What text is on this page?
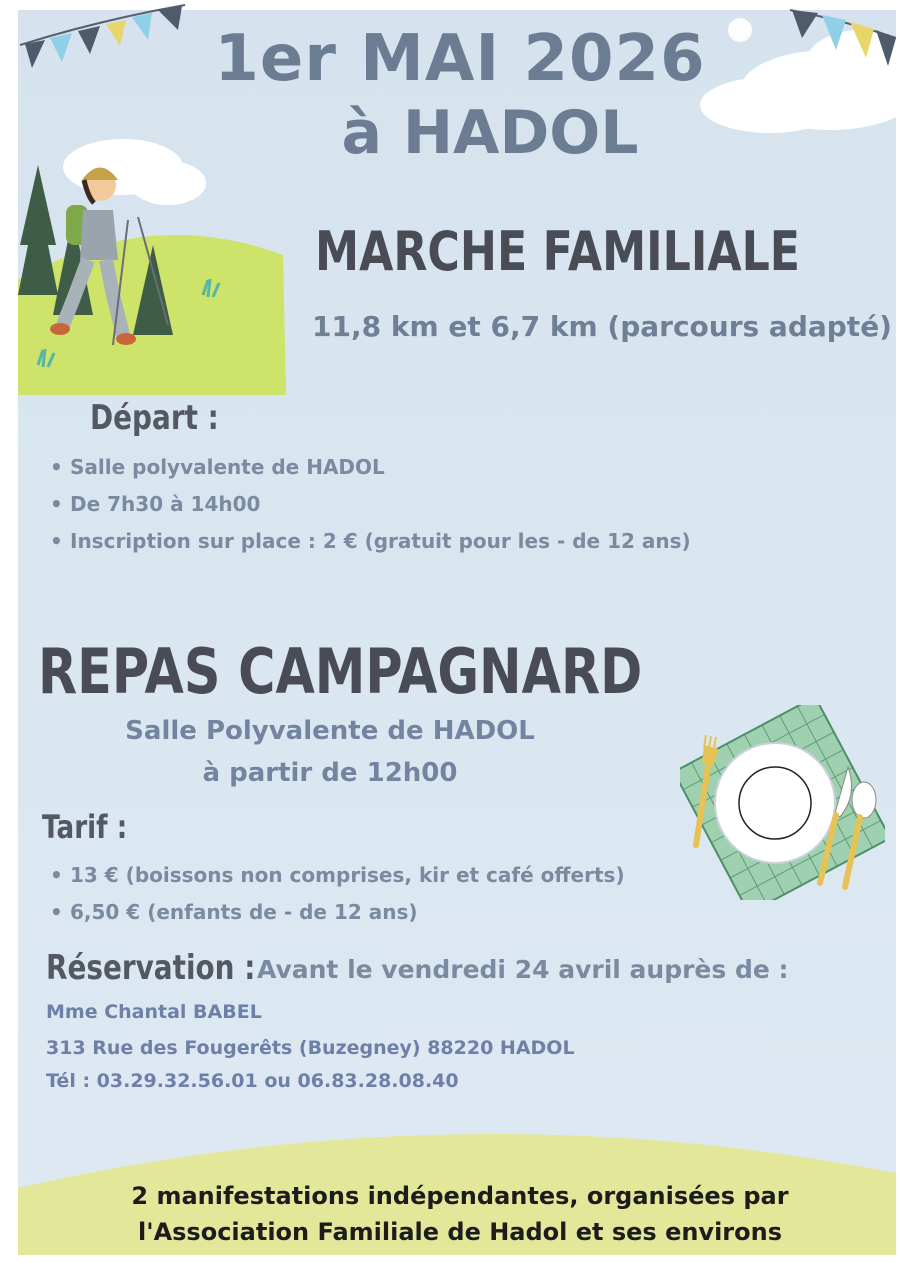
1er MAI 2026
à HADOL
MARCHE FAMILIALE
11,8 km et 6,7 km (parcours adapté)
Départ :
• Salle polyvalente de HADOL
• De 7h30 à 14h00
• Inscription sur place : 2 € (gratuit pour les - de 12 ans)
REPAS CAMPAGNARD
Salle Polyvalente de HADOL
à partir de 12h00
Tarif :
• 13 € (boissons non comprises, kir et café offerts)
• 6,50 € (enfants de - de 12 ans)
Réservation : Avant le vendredi 24 avril auprès de :
Mme Chantal BABEL
313 Rue des Fougerêts (Buzegney) 88220 HADOL
Tél : 03.29.32.56.01 ou 06.83.28.08.40
2 manifestations indépendantes, organisées par
l'Association Familiale de Hadol et ses environs
